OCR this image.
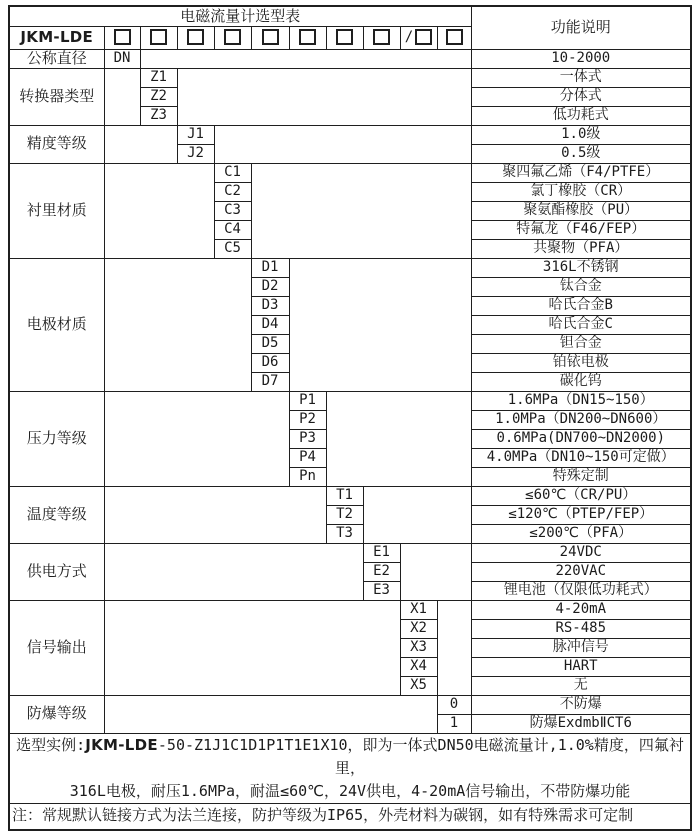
电磁流量计选型表											功能说明
JKM-LDE									/		
公称直径	DN										10-2000
转换器类型		Z1									一体式
		Z2									分体式
		Z3									低功耗式
精度等级			J1								1.0级
			J2								0.5级
衬里材质				C1							聚四氟乙烯（F4/PTFE）
				C2							氯丁橡胶（CR）
				C3							聚氨酯橡胶（PU）
				C4							特氟龙（F46/FEP）
				C5							共聚物（PFA）
电极材质					D1						316L不锈钢
					D2						钛合金
					D3						哈氏合金B
					D4						哈氏合金C
					D5						钽合金
					D6						铂铱电极
					D7						碳化钨
压力等级						P1					1.6MPa（DN15~150）
						P2					1.0MPa（DN200~DN600）
						P3					0.6MPa(DN700~DN2000)
						P4					4.0MPa（DN10~150可定做）
						Pn					特殊定制
温度等级							T1				≤60℃（CR/PU）
							T2				≤120℃（PTEP/FEP）
							T3				≤200℃（PFA）
供电方式								E1			24VDC
								E2			220VAC
								E3			锂电池（仅限低功耗式）
信号输出									X1		4-20mA
									X2		RS-485
									X3		脉冲信号
									X4		HART
									X5		无
防爆等级										0	不防爆
										1	防爆ExdmbⅡCT6
选型实例:JKM-LDE-50-Z1J1C1D1P1T1E1X10，即为一体式DN50电磁流量计,1.0%精度，四氟衬里，
316L电极，耐压1.6MPa，耐温≤60℃，24V供电，4-20mA信号输出，不带防爆功能											
注：常规默认链接方式为法兰连接，防护等级为IP65，外壳材料为碳钢，如有特殊需求可定制											
